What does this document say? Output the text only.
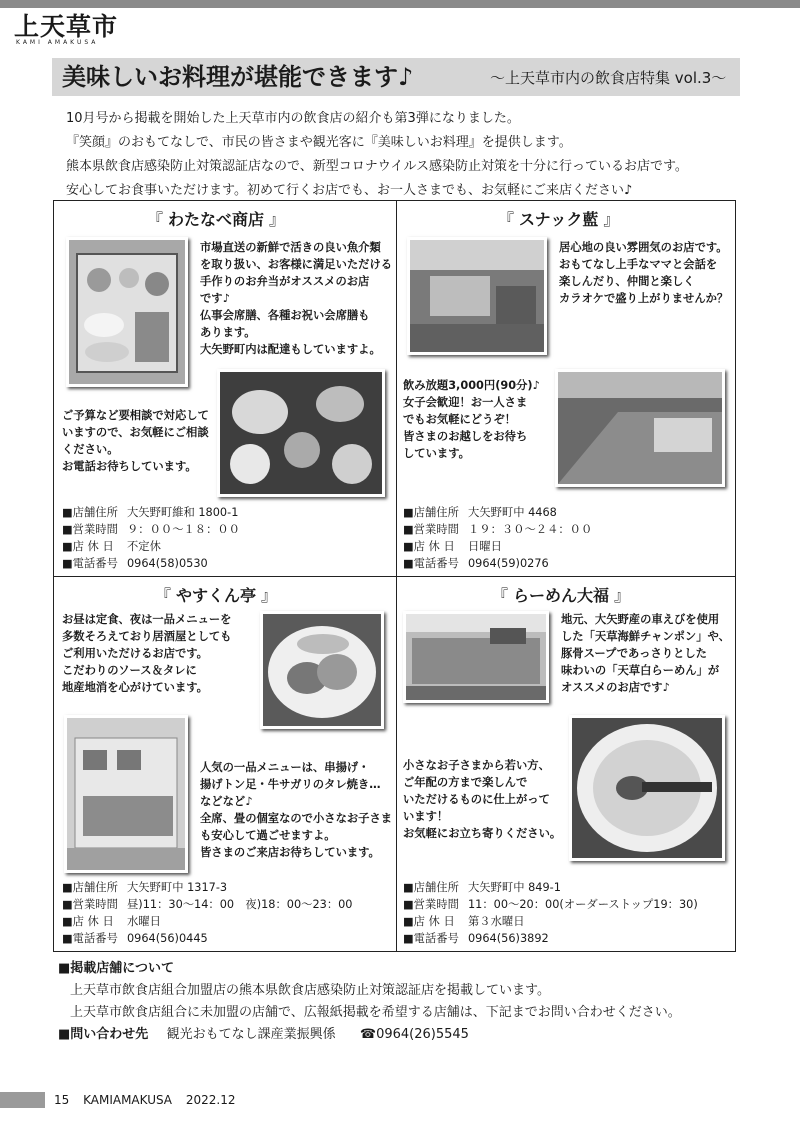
上天草市
KAMI AMAKUSA
美味しいお料理が堪能できます♪	～上天草市内の飲食店特集 vol.3～

10月号から掲載を開始した上天草市内の飲食店の紹介も第3弾になりました。

『笑顔』のおもてなしで、市民の皆さまや観光客に『美味しいお料理』を提供します。

熊本県飲食店感染防止対策認証店なので、新型コロナウイルス感染防止対策を十分に行っているお店です。

安心してお食事いただけます。初めて行くお店でも、お一人さまでも、お気軽にご来店ください♪

『 わたなべ商店 』

市場直送の新鮮で活きの良い魚介類

を取り扱い、お客様に満足いただける

手作りのお弁当がオススメのお店

です♪

仏事会席膳、各種お祝い会席膳も

あります。

大矢野町内は配達もしていますよ。

ご予算など要相談で対応して

いますので、お気軽にご相談

ください。

お電話お待ちしています。

■店舗住所 大矢野町維和 1800-1
■営業時間 ９：００～１８：００
■店 休 日	不定休
■電話番号 0964(58)0530
『 スナック藍 』

居心地の良い雰囲気のお店です。

おもてなし上手なママと会話を

楽しんだり、仲間と楽しく

カラオケで盛り上がりませんか？

飲み放題3,000円(90分)♪

女子会歓迎！お一人さま

でもお気軽にどうぞ！

皆さまのお越しをお待ち

しています。

■店舗住所 大矢野町中 4468
■営業時間 １９：３０～２４：００
■店 休 日	日曜日
■電話番号 0964(59)0276
『 やすくん亭 』

お昼は定食、夜は一品メニューを

多数そろえており居酒屋としても

ご利用いただけるお店です。

こだわりのソース＆タレに

地産地消を心がけています。

人気の一品メニューは、串揚げ・

揚げトン足・牛サガリのタレ焼き…

などなど♪

全席、畳の個室なので小さなお子さま

も安心して過ごせますよ。

皆さまのご来店お待ちしています。

■店舗住所 大矢野町中 1317-3
■営業時間 昼)11：30～14：00　夜)18：00～23：00
■店 休 日	水曜日
■電話番号 0964(56)0445
『 らーめん大福 』

地元、大矢野産の車えびを使用

した「天草海鮮チャンポン」や、

豚骨スープであっさりとした

味わいの「天草白らーめん」が

オススメのお店です♪

小さなお子さまから若い方、

ご年配の方まで楽しんで

いただけるものに仕上がって

います！

お気軽にお立ち寄りください。

■店舗住所 大矢野町中 849-1
■営業時間 11：00～20：00(オーダーストップ19：30)
■店 休 日	第３水曜日
■電話番号 0964(56)3892

■掲載店舗について

上天草市飲食店組合加盟店の熊本県飲食店感染防止対策認証店を掲載しています。

上天草市飲食店組合に未加盟の店舗で、広報紙掲載を希望する店舗は、下記までお問い合わせください。

■問い合わせ先 観光おもてなし課産業振興係 ☎0964(26)5545

15 KAMIAMAKUSA 2022.12
